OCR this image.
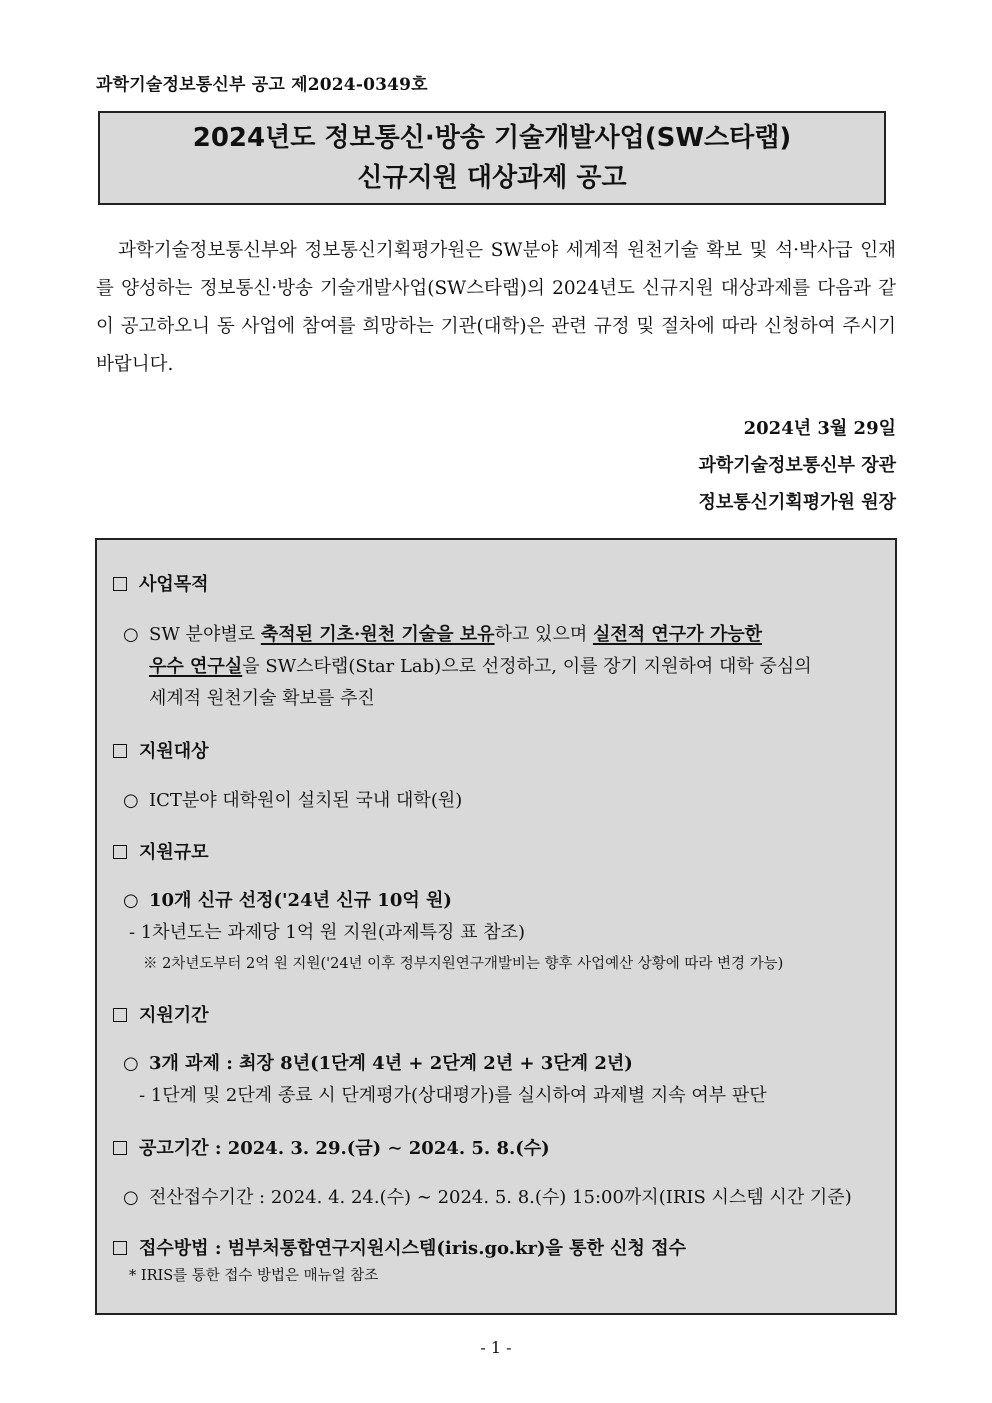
과학기술정보통신부 공고 제2024-0349호
2024년도 정보통신·방송 기술개발사업(SW스타랩)
신규지원 대상과제 공고
과학기술정보통신부와 정보통신기획평가원은 SW분야 세계적 원천기술 확보 및 석·박사급 인재를 양성하는 정보통신·방송 기술개발사업(SW스타랩)의 2024년도 신규지원 대상과제를 다음과 같이 공고하오니 동 사업에 참여를 희망하는 기관(대학)은 관련 규정 및 절차에 따라 신청하여 주시기 바랍니다.
2024년 3월 29일
과학기술정보통신부 장관
정보통신기획평가원 원장
사업목적
○ SW 분야별로 축적된 기초·원천 기술을 보유하고 있으며 실전적 연구가 가능한
우수 연구실을 SW스타랩(Star Lab)으로 선정하고, 이를 장기 지원하여 대학 중심의
세계적 원천기술 확보를 추진
지원대상
○ ICT분야 대학원이 설치된 국내 대학(원)
지원규모
○ 10개 신규 선정('24년 신규 10억 원)
- 1차년도는 과제당 1억 원 지원(과제특징 표 참조)
※ 2차년도부터 2억 원 지원('24년 이후 정부지원연구개발비는 향후 사업예산 상황에 따라 변경 가능)
지원기간
○ 3개 과제 : 최장 8년(1단계 4년 + 2단계 2년 + 3단계 2년)
- 1단계 및 2단계 종료 시 단계평가(상대평가)를 실시하여 과제별 지속 여부 판단
공고기간 : 2024. 3. 29.(금) ∼ 2024. 5. 8.(수)
○ 전산접수기간 : 2024. 4. 24.(수) ∼ 2024. 5. 8.(수) 15:00까지(IRIS 시스템 시간 기준)
접수방법 : 범부처통합연구지원시스템(iris.go.kr)을 통한 신청 접수
* IRIS를 통한 접수 방법은 매뉴얼 참조
- 1 -
